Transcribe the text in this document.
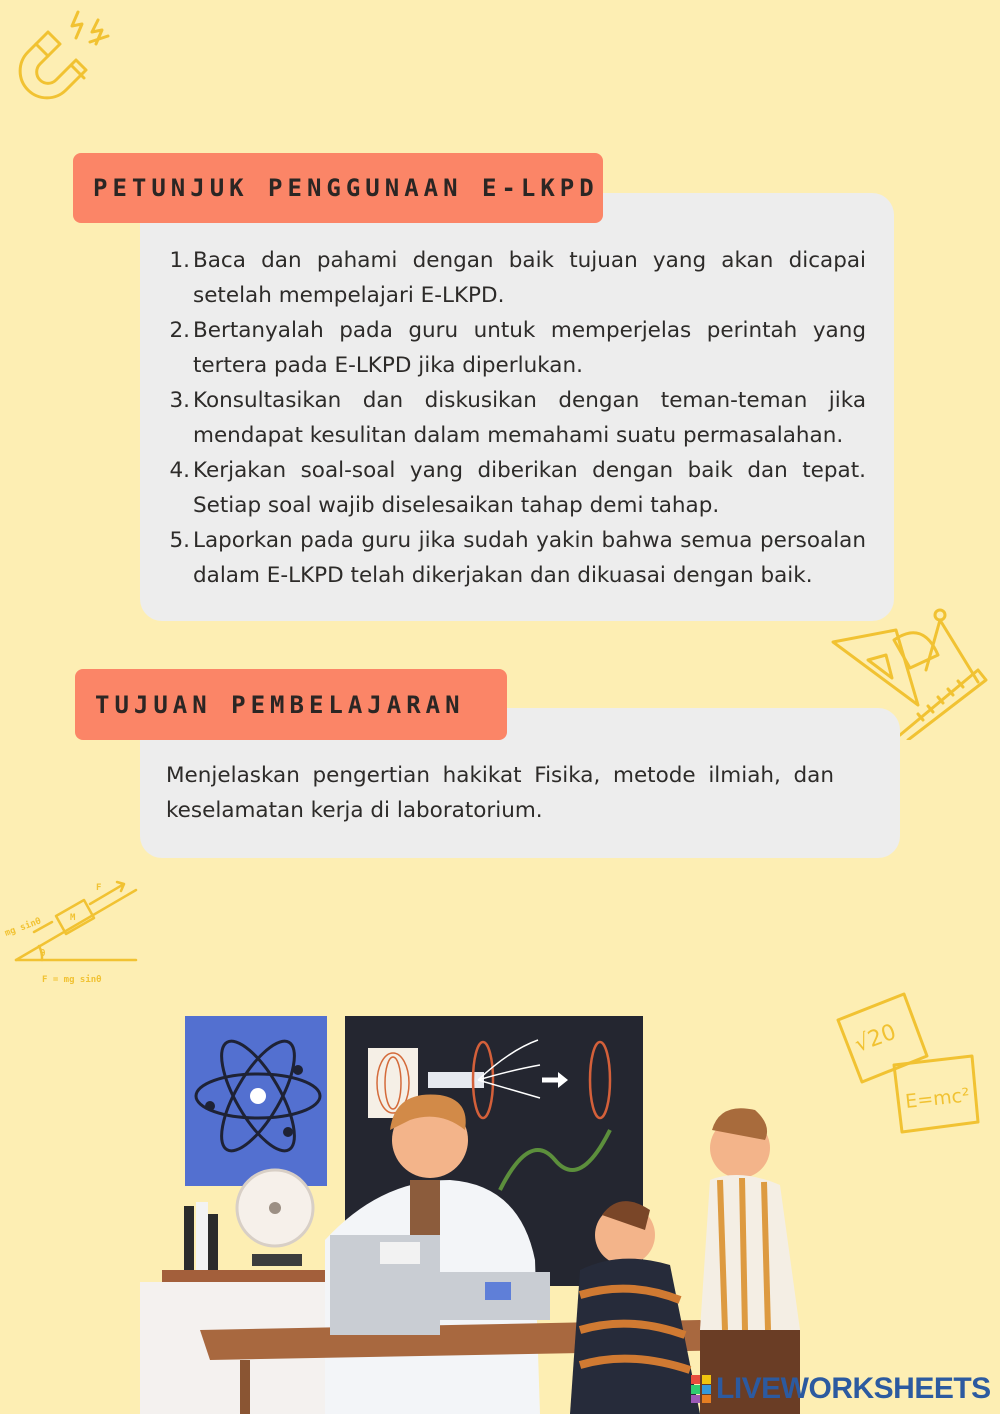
1. Baca dan pahami dengan baik tujuan yang akan dicapai setelah mempelajari E-LKPD.
2. Bertanyalah pada guru untuk memperjelas perintah yang tertera pada E-LKPD jika diperlukan.
3. Konsultasikan dan diskusikan dengan teman-teman jika mendapat kesulitan dalam memahami suatu permasalahan.
4. Kerjakan soal-soal yang diberikan dengan baik dan tepat. Setiap soal wajib diselesaikan tahap demi tahap.
5. Laporkan pada guru jika sudah yakin bahwa semua persoalan dalam E-LKPD telah dikerjakan dan dikuasai dengan baik.
PETUNJUK PENGGUNAAN E-LKPD
Menjelaskan pengertian hakikat Fisika, metode ilmiah, dan keselamatan kerja di laboratorium.
TUJUAN PEMBELAJARAN
F
M
mg sinθ
θ
F = mg sinθ
√20
E=mc²
LIVEWORKSHEETS
